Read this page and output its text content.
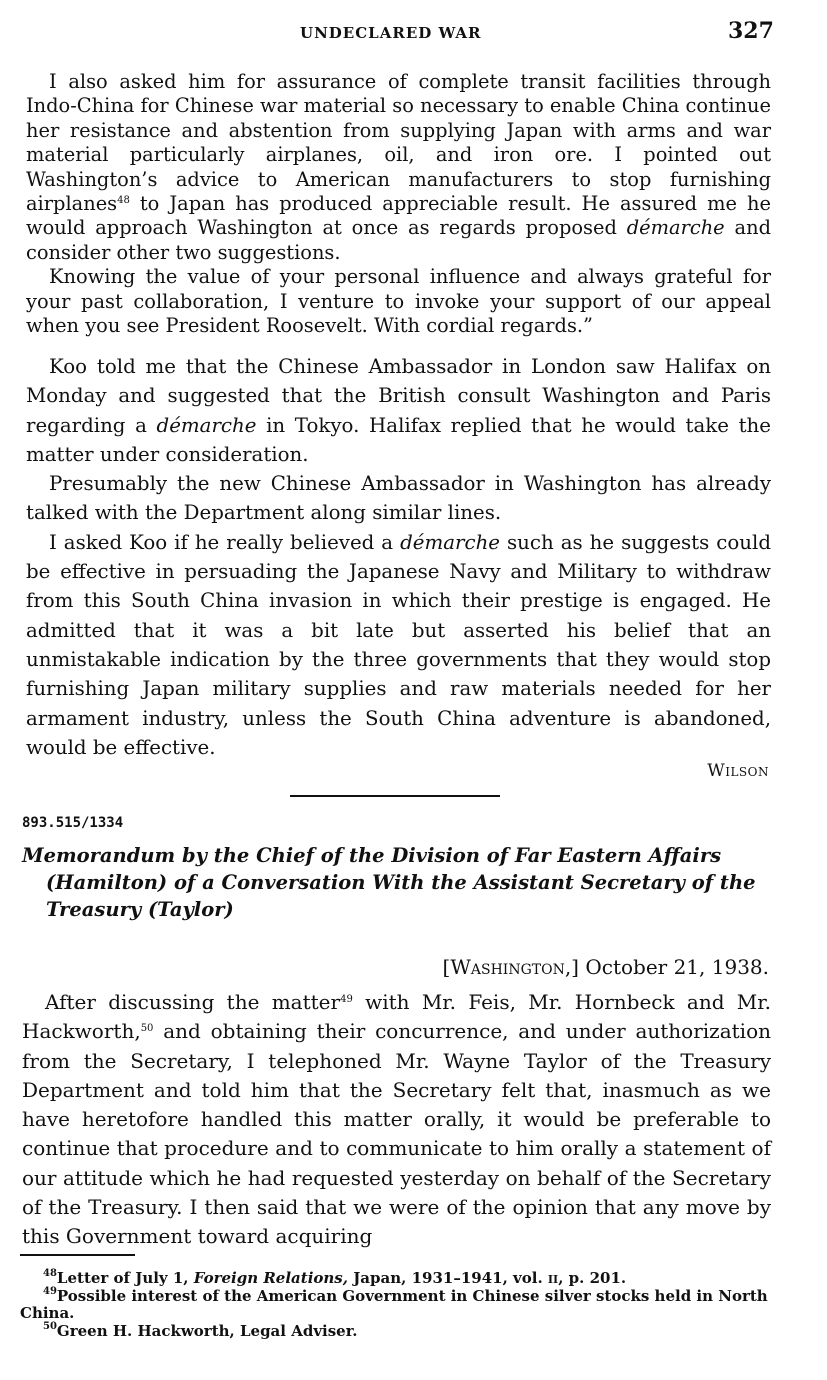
UNDECLARED WAR	327

I also asked him for assurance of complete transit facilities through Indo-China for Chinese war material so necessary to enable China continue her resistance and abstention from supplying Japan with arms and war material particularly airplanes, oil, and iron ore. I pointed out Washington’s advice to American manufacturers to stop furnishing airplanes$^{48}$ to Japan has produced appreciable result. He assured me he would approach Washington at once as regards proposed démarche and consider other two suggestions.

Knowing the value of your personal influence and always grateful for your past collaboration, I venture to invoke your support of our appeal when you see President Roosevelt. With cordial regards.”

Koo told me that the Chinese Ambassador in London saw Halifax on Monday and suggested that the British consult Washington and Paris regarding a démarche in Tokyo. Halifax replied that he would take the matter under consideration.

Presumably the new Chinese Ambassador in Washington has already talked with the Department along similar lines.

I asked Koo if he really believed a démarche such as he suggests could be effective in persuading the Japanese Navy and Military to withdraw from this South China invasion in which their prestige is engaged. He admitted that it was a bit late but asserted his belief that an unmistakable indication by the three governments that they would stop furnishing Japan military supplies and raw materials needed for her armament industry, unless the South China adventure is abandoned, would be effective.

Wilson
893.515/1334
Memorandum by the Chief of the Division of Far Eastern Affairs
(Hamilton) of a Conversation With the Assistant Secretary of the
Treasury (Taylor)
[Washington,] October 21, 1938.

After discussing the matter$^{49}$ with Mr. Feis, Mr. Hornbeck and Mr. Hackworth,$^{50}$ and obtaining their concurrence, and under authorization from the Secretary, I telephoned Mr. Wayne Taylor of the Treasury Department and told him that the Secretary felt that, inasmuch as we have heretofore handled this matter orally, it would be preferable to continue that procedure and to communicate to him orally a statement of our attitude which he had requested yesterday on behalf of the Secretary of the Treasury. I then said that we were of the opinion that any move by this Government toward acquiring

$^{48}$Letter of July 1, Foreign Relations, Japan, 1931–1941, vol. ii, p. 201.
$^{49}$Possible interest of the American Government in Chinese silver stocks held in North China.
$^{50}$Green H. Hackworth, Legal Adviser.
